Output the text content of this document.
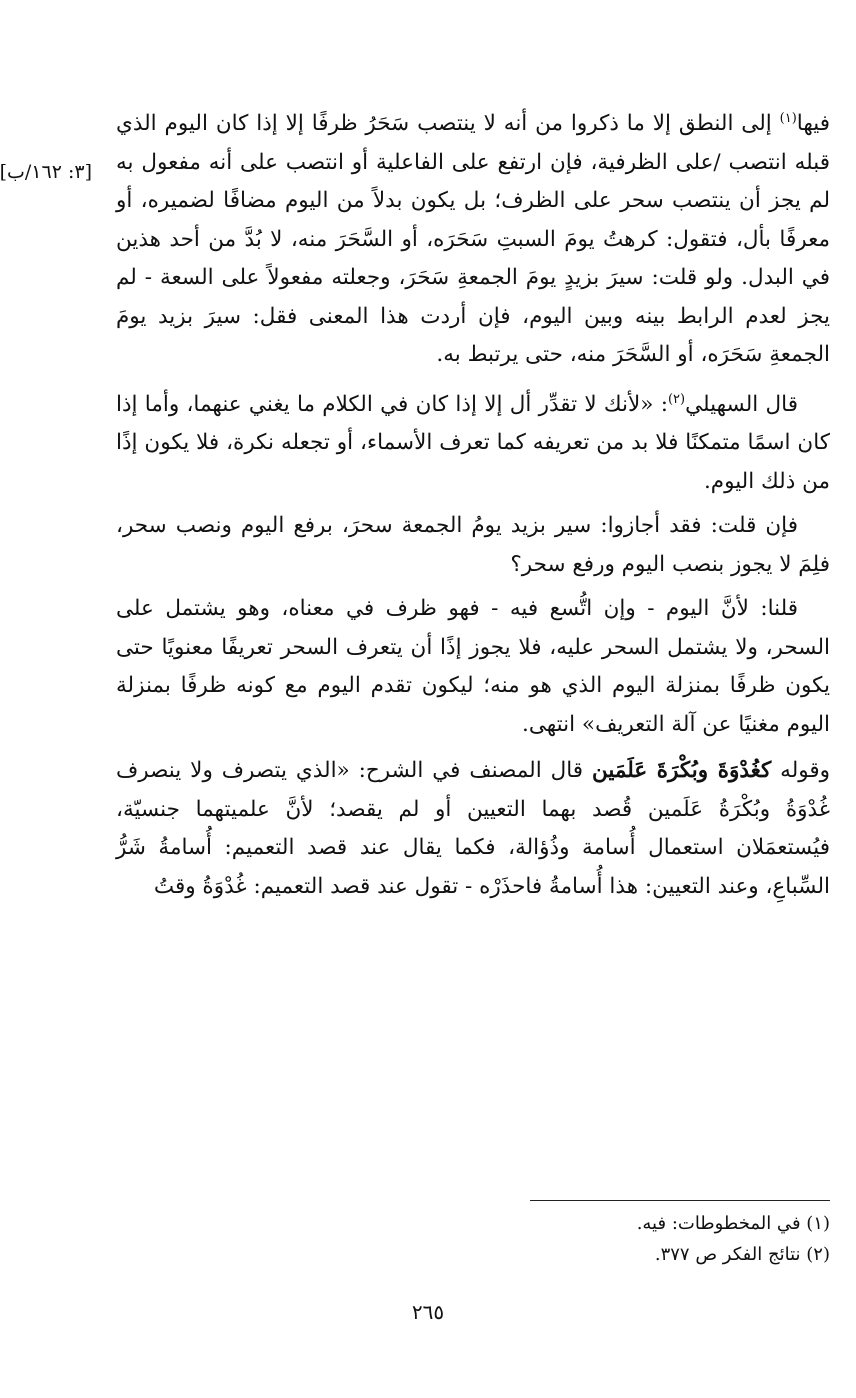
[٣: ١٦٢/ب]

فيها$^{(١)}$ إلى النطق إلا ما ذكروا من أنه لا ينتصب سَحَرُ ظرفًا إلا إذا كان اليوم الذي قبله انتصب /على الظرفية، فإن ارتفع على الفاعلية أو انتصب على أنه مفعول به لم يجز أن ينتصب سحر على الظرف؛ بل يكون بدلاً من اليوم مضافًا لضميره، أو معرفًا بأل، فتقول: كرهتُ يومَ السبتِ سَحَرَه، أو السَّحَرَ منه، لا بُدَّ من أحد هذين في البدل. ولو قلت: سيرَ بزيدٍ يومَ الجمعةِ سَحَرَ، وجعلته مفعولاً على السعة - لم يجز لعدم الرابط بينه وبين اليوم، فإن أردت هذا المعنى فقل: سيرَ بزيد يومَ الجمعةِ سَحَرَه، أو السَّحَرَ منه، حتى يرتبط به.

قال السهيلي$^{(٢)}$: «لأنك لا تقدِّر أل إلا إذا كان في الكلام ما يغني عنهما، وأما إذا كان اسمًا متمكنًا فلا بد من تعريفه كما تعرف الأسماء، أو تجعله نكرة، فلا يكون إذًا من ذلك اليوم.

فإن قلت: فقد أجازوا: سير بزيد يومُ الجمعة سحرَ، برفع اليوم ونصب سحر، فلِمَ لا يجوز بنصب اليوم ورفع سحر؟

قلنا: لأنَّ اليوم - وإن اتُّسع فيه - فهو ظرف في معناه، وهو يشتمل على السحر، ولا يشتمل السحر عليه، فلا يجوز إذًا أن يتعرف السحر تعريفًا معنويًا حتى يكون ظرفًا بمنزلة اليوم الذي هو منه؛ ليكون تقدم اليوم مع كونه ظرفًا بمنزلة اليوم مغنيًا عن آلة التعريف» انتهى.

وقوله كغُدْوَةَ وبُكْرَةَ عَلَمَين قال المصنف في الشرح: «الذي يتصرف ولا ينصرف غُدْوَةُ وبُكْرَةُ عَلَمين قُصد بهما التعيين أو لم يقصد؛ لأنَّ علميتهما جنسيّة، فيُستعمَلان استعمال أُسامة وذُؤالة، فكما يقال عند قصد التعميم: أُسامةُ شَرُّ السِّباعِ، وعند التعيين: هذا أُسامةُ فاحذَرْه - تقول عند قصد التعميم: غُدْوَةُ وقتُ

(١) في المخطوطات: فيه.
(٢) نتائج الفكر ص ٣٧٧.
٢٦٥
